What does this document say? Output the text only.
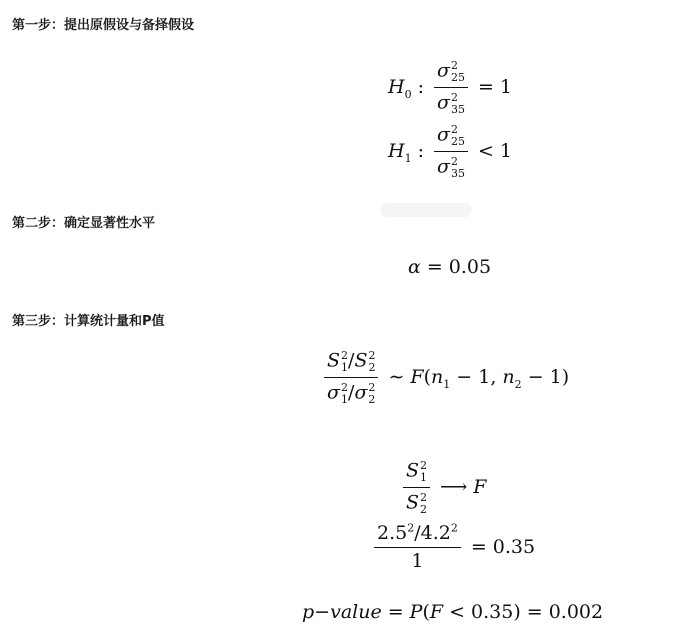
第一步：提出原假设与备择假设

$H_0$ : σ 2
25
σ 2
35 = 1
$H_1$ : σ 2
25
σ 2
35 < 1

第二步：确定显著性水平

α = 0.05

第三步：计算统计量和P值

S 2
1 /S 2
2
σ 2
1 /σ 2
2 ∼ $F(n_1 - 1$, $n_2 - 1$)
S 2
1
S 2
2 ⟶ F
$\frac{2.5^2/4.2^2}{1} = 0.35$
p − value = P ( F < 0.35 ) = 0.002
